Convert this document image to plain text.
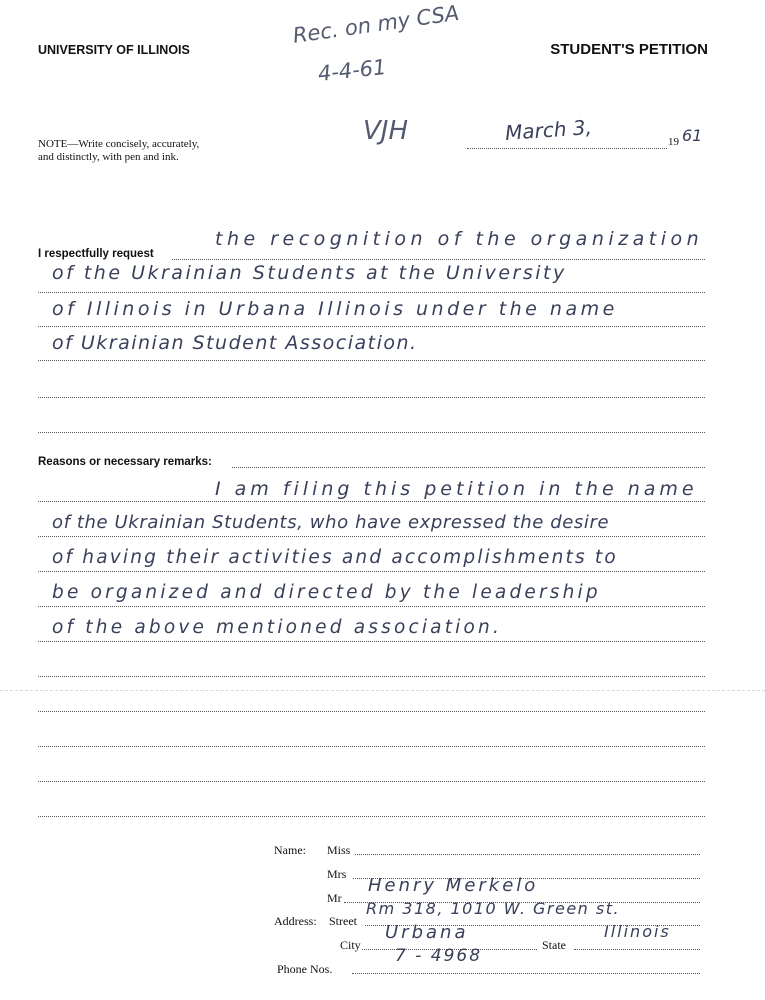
UNIVERSITY OF ILLINOIS	STUDENT'S PETITION
Rec. on my CSA
4-4-61
VJH
NOTE—Write concisely, accurately,
and distinctly, with pen and ink.
March 3,	19 61
I respectfully request
the recognition of the organization
of the Ukrainian Students at the University
of Illinois in Urbana Illinois under the name
of Ukrainian Student Association.
Reasons or necessary remarks:
I am filing this petition in the name
of the Ukrainian Students, who have expressed the desire
of having their activities and accomplishments to
be organized and directed by the leadership
of the above mentioned association.
Name: Miss
Mrs
Mr
Henry Merkelo
Address: Street
Rm 318, 1010 W. Green st.
City
Urbana
State
Illinois
Phone Nos.
7 - 4968
